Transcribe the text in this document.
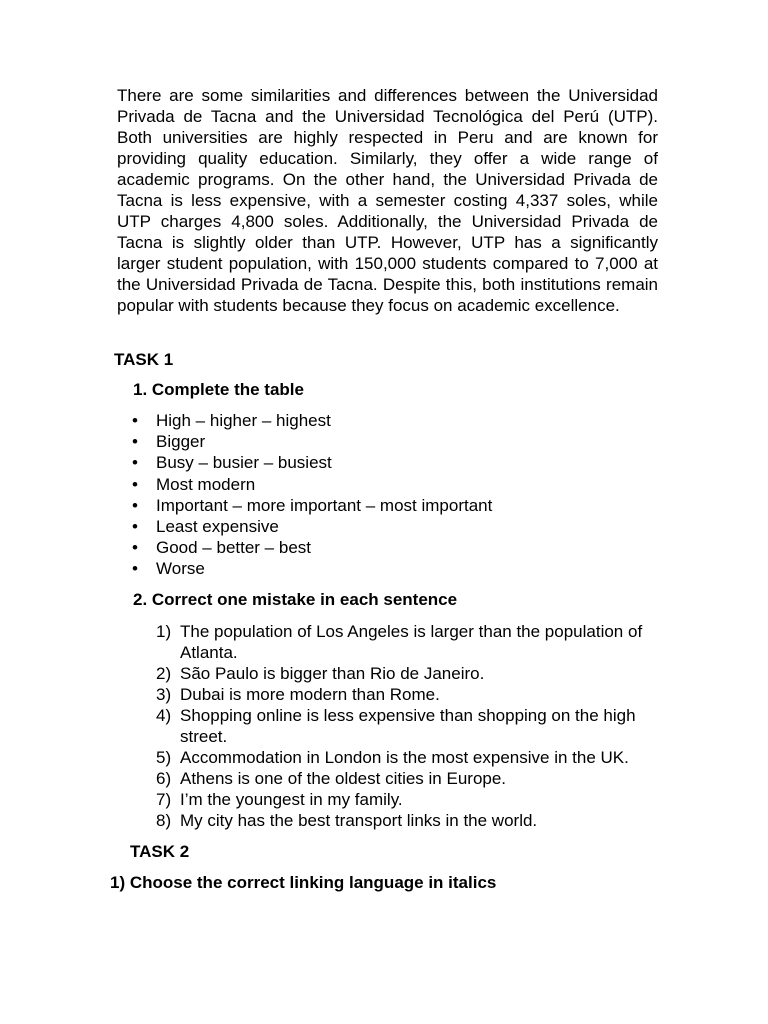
There are some similarities and differences between the Universidad Privada de Tacna and the Universidad Tecnológica del Perú (UTP). Both universities are highly respected in Peru and are known for providing quality education. Similarly, they offer a wide range of academic programs. On the other hand, the Universidad Privada de Tacna is less expensive, with a semester costing 4,337 soles, while UTP charges 4,800 soles. Additionally, the Universidad Privada de Tacna is slightly older than UTP. However, UTP has a significantly larger student population, with 150,000 students compared to 7,000 at the Universidad Privada de Tacna. Despite this, both institutions remain popular with students because they focus on academic excellence.

TASK 1

1. Complete the table

• High – higher – highest
• Bigger
• Busy – busier – busiest
• Most modern
• Important – more important – most important
• Least expensive
• Good – better – best
• Worse

2. Correct one mistake in each sentence

1) The population of Los Angeles is larger than the population of Atlanta.
2) São Paulo is bigger than Rio de Janeiro.
3) Dubai is more modern than Rome.
4) Shopping online is less expensive than shopping on the high street.
5) Accommodation in London is the most expensive in the UK.
6) Athens is one of the oldest cities in Europe.
7) I’m the youngest in my family.
8) My city has the best transport links in the world.

TASK 2

1) Choose the correct linking language in italics
